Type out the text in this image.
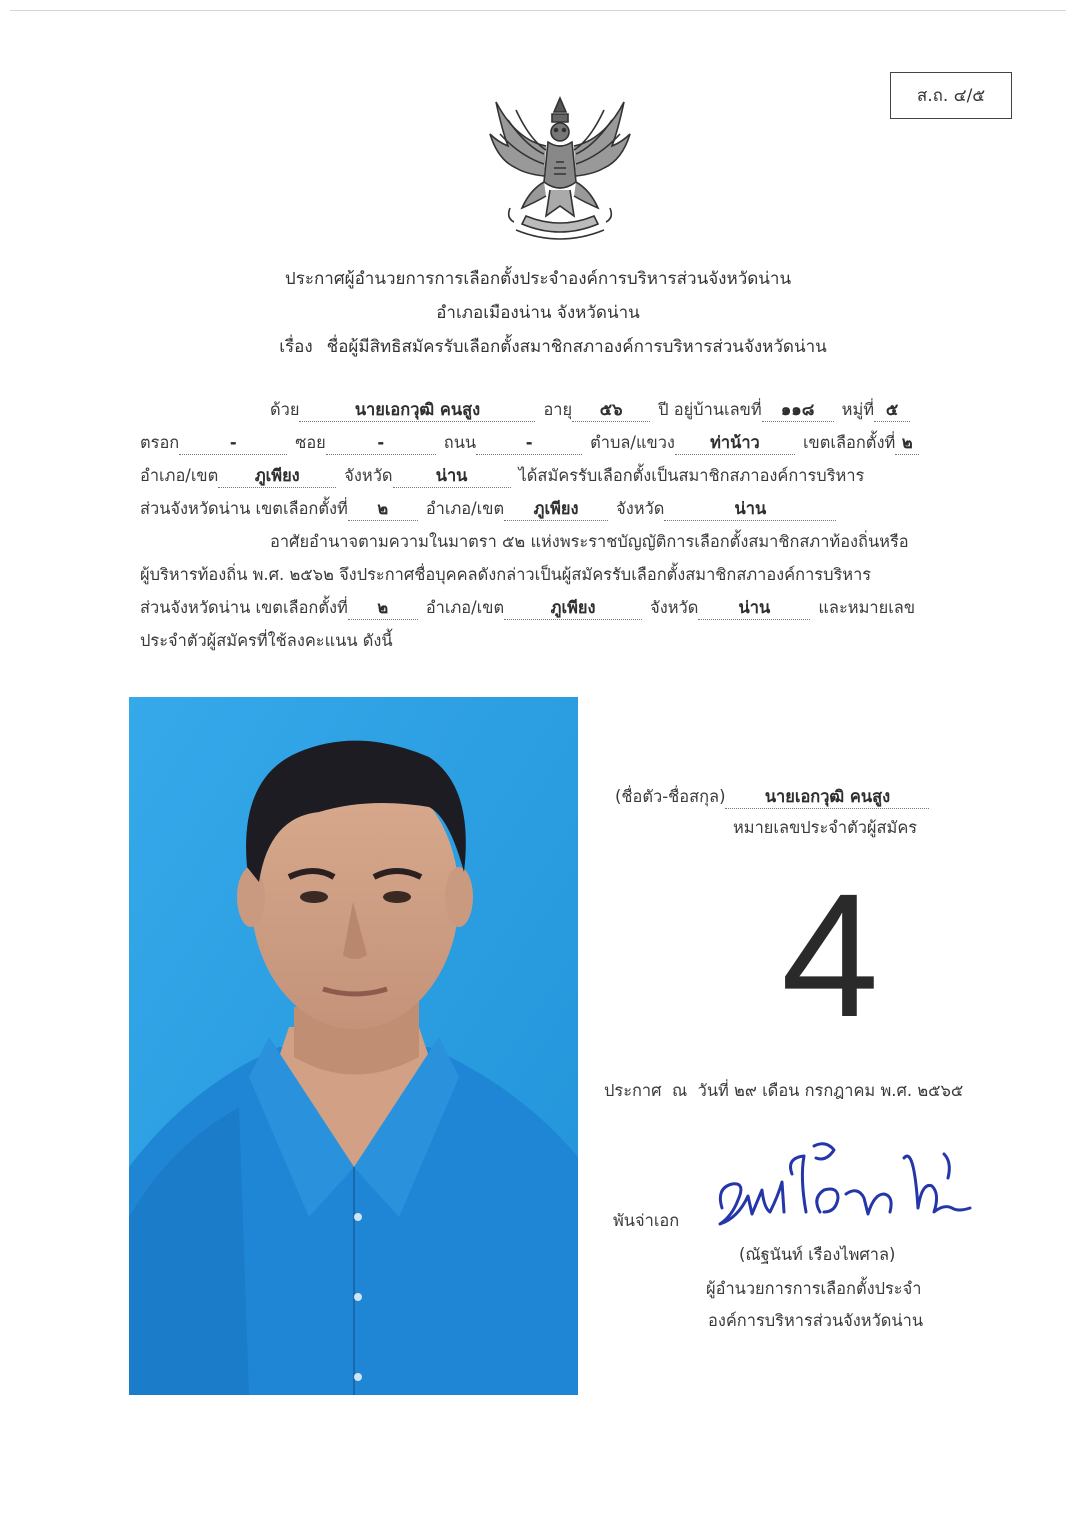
ส.ถ. ๔/๕
ประกาศผู้อำนวยการการเลือกตั้งประจำองค์การบริหารส่วนจังหวัดน่าน
อำเภอเมืองน่าน จังหวัดน่าน
เรื่อง ชื่อผู้มีสิทธิสมัครรับเลือกตั้งสมาชิกสภาองค์การบริหารส่วนจังหวัดน่าน
ด้วย	นายเอกวุฒิ คนสูง	อายุ ๕๖ ปี อยู่บ้านเลขที่ ๑๑๘ หมู่ที่ ๕
ตรอก	-	ซอย	-	ถนน	-	ตำบล/แขวง ท่าน้าว	เขตเลือกตั้งที่ ๒
อำเภอ/เขต ภูเพียง	จังหวัด	น่าน	ได้สมัครรับเลือกตั้งเป็นสมาชิกสภาองค์การบริหาร
ส่วนจังหวัดน่าน เขตเลือกตั้งที่ ๒ อำเภอ/เขต ภูเพียง จังหวัด	น่าน
อาศัยอำนาจตามความในมาตรา ๕๒ แห่งพระราชบัญญัติการเลือกตั้งสมาชิกสภาท้องถิ่นหรือ
ผู้บริหารท้องถิ่น พ.ศ. ๒๕๖๒ จึงประกาศชื่อบุคคลดังกล่าวเป็นผู้สมัครรับเลือกตั้งสมาชิกสภาองค์การบริหาร
ส่วนจังหวัดน่าน เขตเลือกตั้งที่ ๒ อำเภอ/เขต	ภูเพียง	จังหวัด น่าน	และหมายเลข
ประจำตัวผู้สมัครที่ใช้ลงคะแนน ดังนี้
(ชื่อตัว-ชื่อสกุล) นายเอกวุฒิ คนสูง
หมายเลขประจำตัวผู้สมัคร
4
ประกาศ ณ วันที่ ๒๙ เดือน กรกฎาคม พ.ศ. ๒๕๖๕
พันจ่าเอก
(ณัฐนันท์ เรืองไพศาล)
ผู้อำนวยการการเลือกตั้งประจำ
องค์การบริหารส่วนจังหวัดน่าน
